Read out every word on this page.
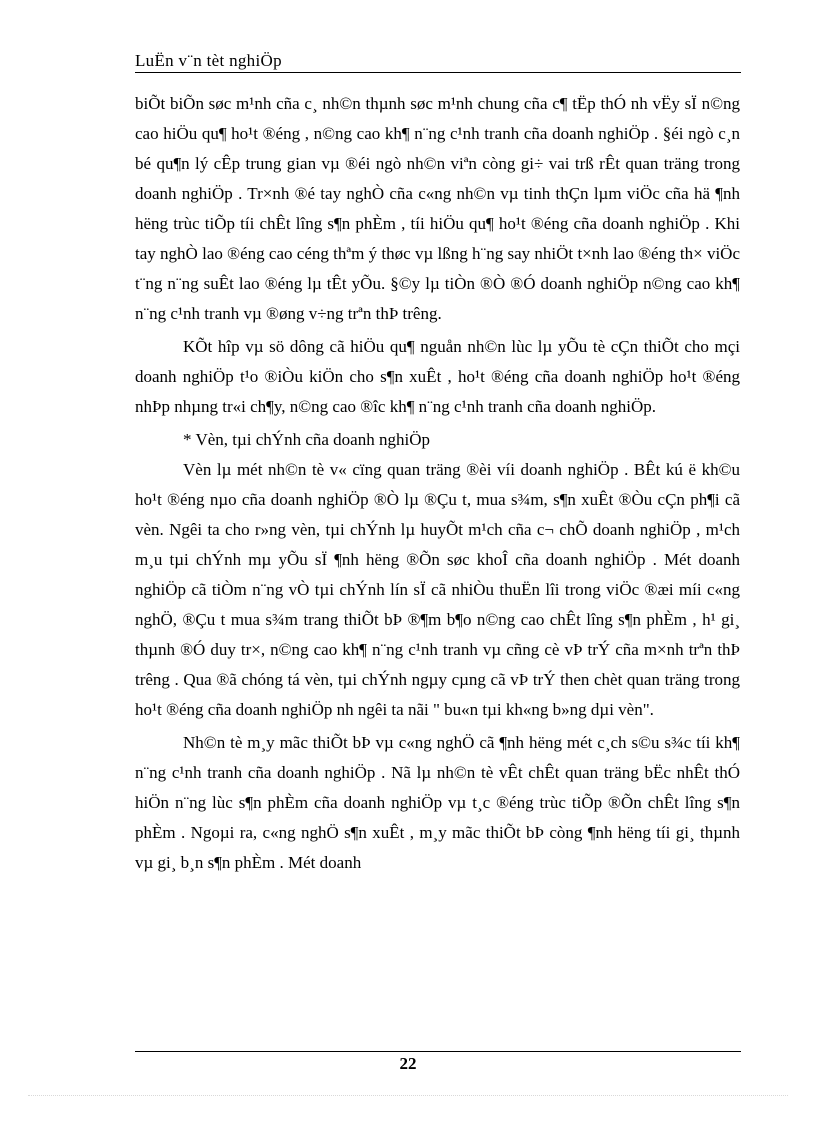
LuËn v¨n tèt nghiÖp

biÕt biÕn søc m¹nh cña c¸ nh©n thµnh søc m¹nh chung cña c¶ tËp thÓ nh vËy sÏ n©ng cao hiÖu qu¶ ho¹t ®éng , n©ng cao kh¶ n¨ng c¹nh tranh cña doanh nghiÖp . §éi ngò c¸n bé qu¶n lý cÊp trung gian vµ ®éi ngò nh©n viªn còng gi÷ vai trß rÊt quan träng trong doanh nghiÖp . Tr×nh ®é tay nghÒ cña c«ng nh©n vµ tinh thÇn lµm viÖc cña hä ¶nh hëng trùc tiÕp tíi chÊt lîng s¶n phÈm , tíi hiÖu qu¶ ho¹t ®éng cña doanh nghiÖp . Khi tay nghÒ lao ®éng cao céng thªm ý thøc vµ lßng h¨ng say nhiÖt t×nh lao ®éng th× viÖc t¨ng n¨ng suÊt lao ®éng lµ tÊt yÕu. §©y lµ tiÒn ®Ò ®Ó doanh nghiÖp n©ng cao kh¶ n¨ng c¹nh tranh vµ ®øng v÷ng trªn thÞ trêng.

KÕt hîp vµ sö dông cã hiÖu qu¶ nguån nh©n lùc lµ yÕu tè cÇn thiÕt cho mçi doanh nghiÖp t¹o ®iÒu kiÖn cho s¶n xuÊt , ho¹t ®éng cña doanh nghiÖp ho¹t ®éng nhÞp nhµng tr«i ch¶y, n©ng cao ®îc kh¶ n¨ng c¹nh tranh cña doanh nghiÖp.

* Vèn, tµi chÝnh cña doanh nghiÖp

Vèn lµ mét nh©n tè v« cïng quan träng ®èi víi doanh nghiÖp . BÊt kú ë kh©u ho¹t ®éng nµo cña doanh nghiÖp ®Ò lµ ®Çu t, mua s¾m, s¶n xuÊt ®Òu cÇn ph¶i cã vèn. Ngêi ta cho r»ng vèn, tµi chÝnh lµ huyÕt m¹ch cña c¬ chÕ doanh nghiÖp , m¹ch m¸u tµi chÝnh mµ yÕu sÏ ¶nh hëng ®Õn søc khoÎ cña doanh nghiÖp . Mét doanh nghiÖp cã tiÒm n¨ng vÒ tµi chÝnh lín sÏ cã nhiÒu thuËn lîi trong viÖc ®æi míi c«ng nghÖ, ®Çu t mua s¾m trang thiÕt bÞ ®¶m b¶o n©ng cao chÊt lîng s¶n phÈm , h¹ gi¸ thµnh ®Ó duy tr×, n©ng cao kh¶ n¨ng c¹nh tranh vµ cñng cè vÞ trÝ cña m×nh trªn thÞ trêng . Qua ®ã chóng tá vèn, tµi chÝnh ngµy cµng cã vÞ trÝ then chèt quan träng trong ho¹t ®éng cña doanh nghiÖp nh ngêi ta nãi " bu«n tµi kh«ng b»ng dµi vèn".

Nh©n tè m¸y mãc thiÕt bÞ vµ c«ng nghÖ cã ¶nh hëng mét c¸ch s©u s¾c tíi kh¶ n¨ng c¹nh tranh cña doanh nghiÖp . Nã lµ nh©n tè vÊt chÊt quan träng bËc nhÊt thÓ hiÖn n¨ng lùc s¶n phÈm cña doanh nghiÖp vµ t¸c ®éng trùc tiÕp ®Õn chÊt lîng s¶n phÈm . Ngoµi ra, c«ng nghÖ s¶n xuÊt , m¸y mãc thiÕt bÞ còng ¶nh hëng tíi gi¸ thµnh vµ gi¸ b¸n s¶n phÈm . Mét doanh

22
